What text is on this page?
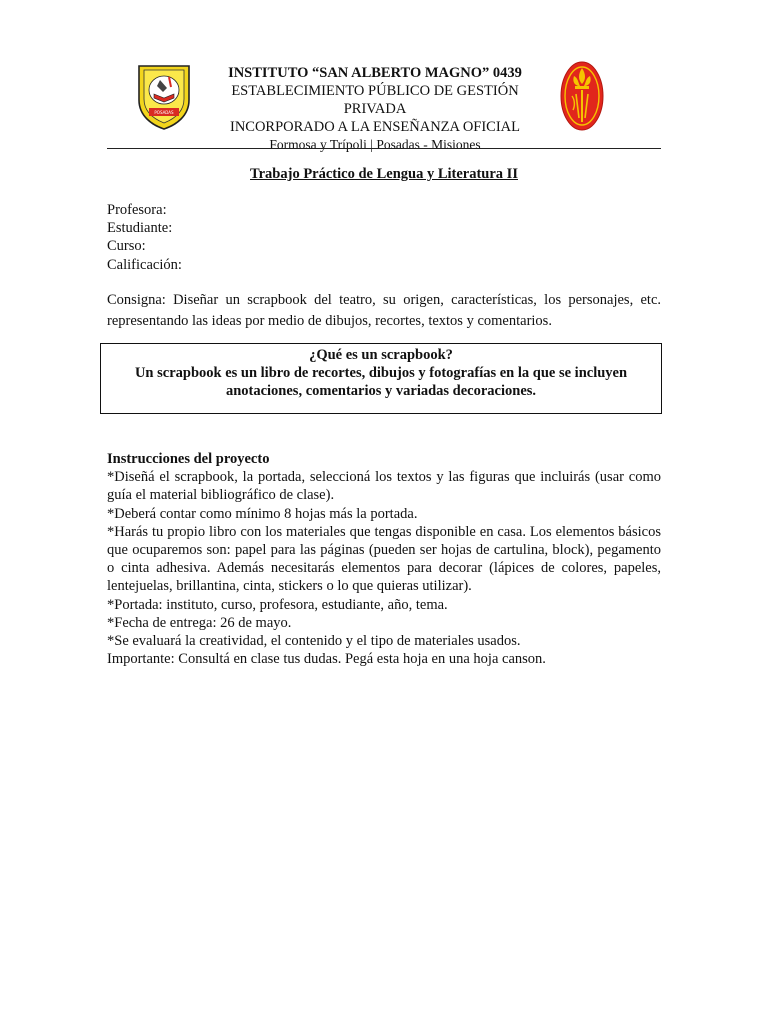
POSADAS
INSTITUTO “SAN ALBERTO MAGNO” 0439
ESTABLECIMIENTO PÚBLICO DE GESTIÓN PRIVADA
INCORPORADO A LA ENSEÑANZA OFICIAL
Formosa y Trípoli | Posadas - Misiones
Trabajo Práctico de Lengua y Literatura II
Profesora:
Estudiante:
Curso:
Calificación:
Consigna: Diseñar un scrapbook del teatro, su origen, características, los personajes, etc. representando las ideas por medio de dibujos, recortes, textos y comentarios.
¿Qué es un scrapbook?
Un scrapbook es un libro de recortes, dibujos y fotografías en la que se incluyen anotaciones, comentarios y variadas decoraciones.

Instrucciones del proyecto

*Diseñá el scrapbook, la portada, seleccioná los textos y las figuras que incluirás (usar como guía el material bibliográfico de clase).

*Deberá contar como mínimo 8 hojas más la portada.

*Harás tu propio libro con los materiales que tengas disponible en casa. Los elementos básicos que ocuparemos son: papel para las páginas (pueden ser hojas de cartulina, block), pegamento o cinta adhesiva. Además necesitarás elementos para decorar (lápices de colores, papeles, lentejuelas, brillantina, cinta, stickers o lo que quieras utilizar).

*Portada: instituto, curso, profesora, estudiante, año, tema.

*Fecha de entrega: 26 de mayo.

*Se evaluará la creatividad, el contenido y el tipo de materiales usados.

Importante: Consultá en clase tus dudas. Pegá esta hoja en una hoja canson.
